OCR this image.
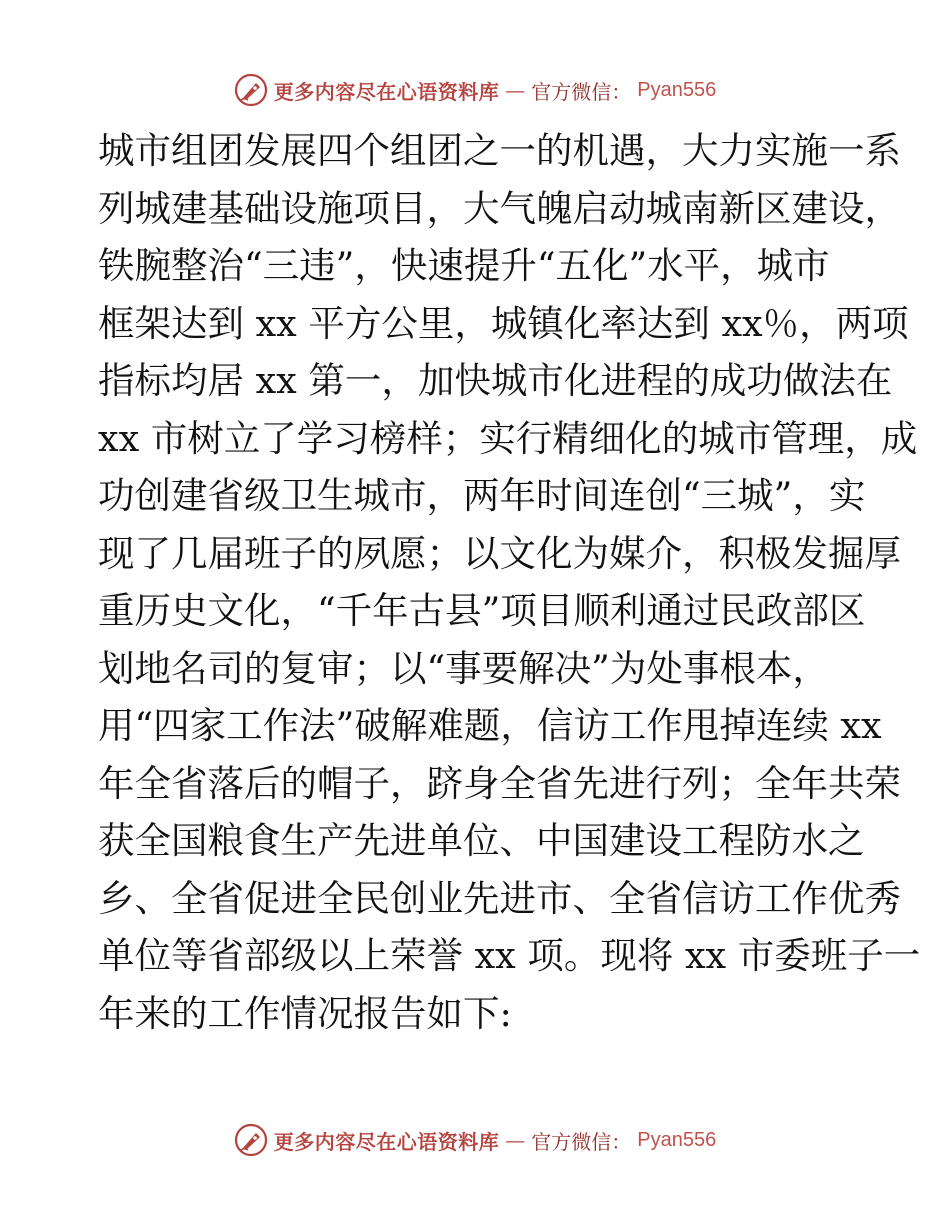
更多内容尽在心语资料库 — 官方微信： Pyan556
城市组团发展四个组团之一的机遇，大力实施一系
列城建基础设施项目，大气魄启动城南新区建设，
铁腕整治“三违”，快速提升“五化”水平，城市
框架达到 xx 平方公里，城镇化率达到 xx％，两项
指标均居 xx 第一，加快城市化进程的成功做法在
xx 市树立了学习榜样；实行精细化的城市管理，成
功创建省级卫生城市，两年时间连创“三城”，实
现了几届班子的夙愿；以文化为媒介，积极发掘厚
重历史文化，“千年古县”项目顺利通过民政部区
划地名司的复审；以“事要解决”为处事根本，
用“四家工作法”破解难题，信访工作甩掉连续 xx
年全省落后的帽子，跻身全省先进行列；全年共荣
获全国粮食生产先进单位、中国建设工程防水之
乡、全省促进全民创业先进市、全省信访工作优秀
单位等省部级以上荣誉 xx 项。现将 xx 市委班子一
年来的工作情况报告如下:
更多内容尽在心语资料库 — 官方微信： Pyan556
